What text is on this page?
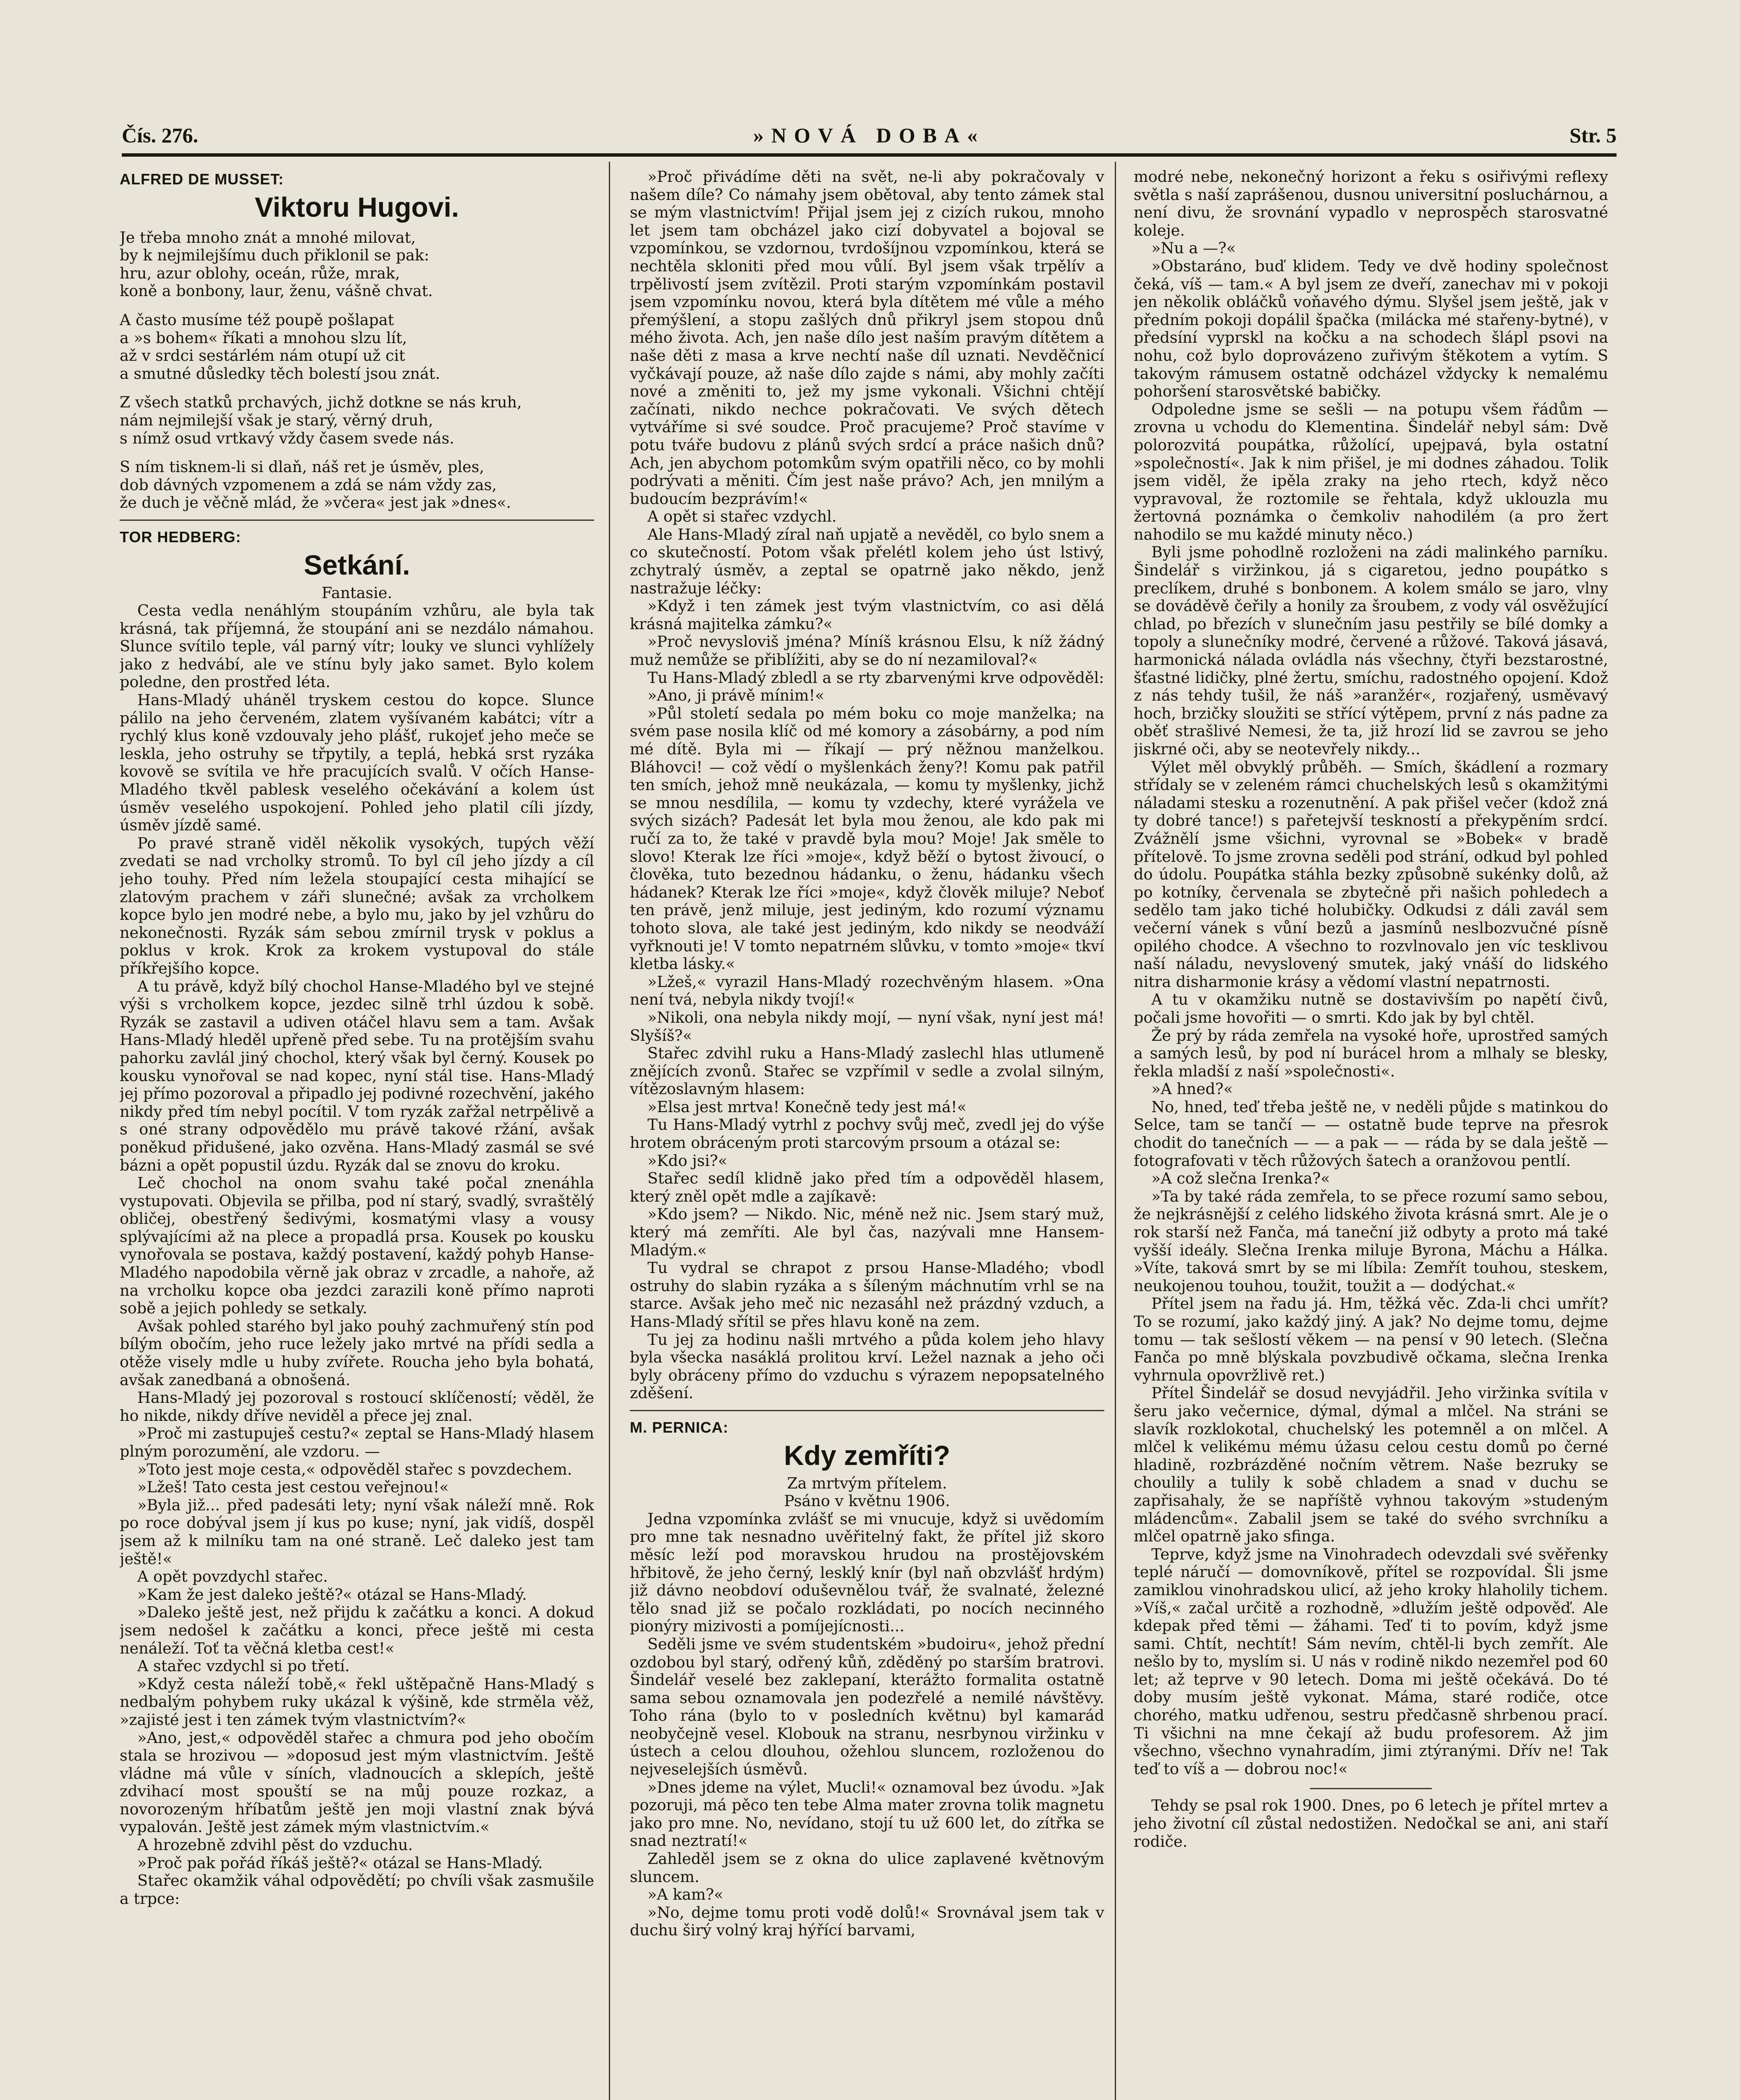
Čís. 276.	»NOVÁ DOBA«	Str. 5
ALFRED DE MUSSET:
Viktoru Hugovi.

Je třeba mnoho znát a mnohé milovat,

by k nejmilejšímu duch přiklonil se pak:

hru, azur oblohy, oceán, růže, mrak,

koně a bonbony, laur, ženu, vášně chvat.

A často musíme též poupě pošlapat

a »s bohem« říkati a mnohou slzu lít,

až v srdci sestárlém nám otupí už cit

a smutné důsledky těch bolestí jsou znát.

Z všech statků prchavých, jichž dotkne se nás kruh,

nám nejmilejší však je starý, věrný druh,

s nímž osud vrtkavý vždy časem svede nás.

S ním tisknem-li si dlaň, náš ret je úsměv, ples,

dob dávných vzpomenem a zdá se nám vždy zas,

že duch je věčně mlád, že »včera« jest jak »dnes«.

TOR HEDBERG:
Setkání.

Fantasie.

Cesta vedla nenáhlým stoupáním vzhůru, ale byla tak krásná, tak příjemná, že stoupání ani se nezdálo námahou. Slunce svítilo teple, vál parný vítr; louky ve slunci vyhlížely jako z hedvábí, ale ve stínu byly jako samet. Bylo kolem poledne, den prostřed léta.

Hans-Mladý uháněl tryskem cestou do kopce. Slunce pálilo na jeho červeném, zlatem vyšívaném kabátci; vítr a rychlý klus koně vzdouvaly jeho plášť, rukojeť jeho meče se leskla, jeho ostruhy se třpytily, a teplá, hebká srst ryzáka kovově se svítila ve hře pracujících svalů. V očích Hanse-Mladého tkvěl pablesk veselého očekávání a kolem úst úsměv veselého uspokojení. Pohled jeho platil cíli jízdy, úsměv jízdě samé.

Po pravé straně viděl několik vysokých, tupých věží zvedati se nad vrcholky stromů. To byl cíl jeho jízdy a cíl jeho touhy. Před ním ležela stoupající cesta mihající se zlatovým prachem v záři slunečné; avšak za vrcholkem kopce bylo jen modré nebe, a bylo mu, jako by jel vzhůru do nekonečnosti. Ryzák sám sebou zmírnil trysk v poklus a poklus v krok. Krok za krokem vystupoval do stále příkřejšího kopce.

A tu právě, když bílý chochol Hanse-Mladého byl ve stejné výši s vrcholkem kopce, jezdec silně trhl úzdou k sobě. Ryzák se zastavil a udiven otáčel hlavu sem a tam. Avšak Hans-Mladý hleděl upřeně před sebe. Tu na protějším svahu pahorku zavlál jiný chochol, který však byl černý. Kousek po kousku vynořoval se nad kopec, nyní stál tise. Hans-Mladý jej přímo pozoroval a připadlo jej podivné rozechvění, jakého nikdy před tím nebyl pocítil. V tom ryzák zařžal netrpělivě a s oné strany odpovědělo mu právě takové ržání, avšak poněkud přidušené, jako ozvěna. Hans-Mladý zasmál se své bázni a opět popustil úzdu. Ryzák dal se znovu do kroku.

Leč chochol na onom svahu také počal znenáhla vystupovati. Objevila se přilba, pod ní starý, svadlý, svraštělý obličej, obestřený šedivými, kosmatými vlasy a vousy splývajícími až na plece a propadlá prsa. Kousek po kousku vynořovala se postava, každý postavení, každý pohyb Hanse-Mladého napodobila věrně jak obraz v zrcadle, a nahoře, až na vrcholku kopce oba jezdci zarazili koně přímo naproti sobě a jejich pohledy se setkaly.

Avšak pohled starého byl jako pouhý zachmuřený stín pod bílým obočím, jeho ruce ležely jako mrtvé na přídi sedla a otěže visely mdle u huby zvířete. Roucha jeho byla bohatá, avšak zanedbaná a obnošená.

Hans-Mladý jej pozoroval s rostoucí sklíčeností; věděl, že ho nikde, nikdy dříve neviděl a přece jej znal.

»Proč mi zastupuješ cestu?« zeptal se Hans-Mladý hlasem plným porozumění, ale vzdoru. —

»Toto jest moje cesta,« odpověděl stařec s povzdechem.

»Lžeš! Tato cesta jest cestou veřejnou!«

»Byla již... před padesáti lety; nyní však náleží mně. Rok po roce dobýval jsem jí kus po kuse; nyní, jak vidíš, dospěl jsem až k milníku tam na oné straně. Leč daleko jest tam ještě!«

A opět povzdychl stařec.

»Kam že jest daleko ještě?« otázal se Hans-Mladý.

»Daleko ještě jest, než přijdu k začátku a konci. A dokud jsem nedošel k začátku a konci, přece ještě mi cesta nenáleží. Toť ta věčná kletba cest!«

A stařec vzdychl si po třetí.

»Když cesta náleží tobě,« řekl uštěpačně Hans-Mladý s nedbalým pohybem ruky ukázal k výšině, kde strměla věž, »zajisté jest i ten zámek tvým vlastnictvím?«

»Ano, jest,« odpověděl stařec a chmura pod jeho obočím stala se hrozivou — »doposud jest mým vlastnictvím. Ještě vládne má vůle v síních, vladnoucích a sklepích, ještě zdvihací most spouští se na můj pouze rozkaz, a novorozeným hříbatům ještě jen moji vlastní znak bývá vypalován. Ještě jest zámek mým vlastnictvím.«

A hrozebně zdvihl pěst do vzduchu.

»Proč pak pořád říkáš ještě?« otázal se Hans-Mladý.

Stařec okamžik váhal odpovědětí; po chvíli však zasmušile a trpce:

»Proč přivádíme děti na svět, ne-li aby pokračovaly v našem díle? Co námahy jsem obětoval, aby tento zámek stal se mým vlastnictvím! Přijal jsem jej z cizích rukou, mnoho let jsem tam obcházel jako cizí dobyvatel a bojoval se vzpomínkou, se vzdornou, tvrdošíjnou vzpomínkou, která se nechtěla skloniti před mou vůlí. Byl jsem však trpělív a trpělivostí jsem zvítězil. Proti starým vzpomínkám postavil jsem vzpomínku novou, která byla dítětem mé vůle a mého přemýšlení, a stopu zašlých dnů přikryl jsem stopou dnů mého života. Ach, jen naše dílo jest naším pravým dítětem a naše děti z masa a krve nechtí naše díl uznati. Nevděčnicí vyčkávají pouze, až naše dílo zajde s námi, aby mohly začíti nové a změniti to, jež my jsme vykonali. Všichni chtějí začínati, nikdo nechce pokračovati. Ve svých dětech vytváříme si své soudce. Proč pracujeme? Proč stavíme v potu tváře budovu z plánů svých srdcí a práce našich dnů? Ach, jen abychom potomkům svým opatřili něco, co by mohli podrývati a měniti. Čím jest naše právo? Ach, jen mnilým a budoucím bezprávím!«

A opět si stařec vzdychl.

Ale Hans-Mladý zíral naň upjatě a nevěděl, co bylo snem a co skutečností. Potom však přelétl kolem jeho úst lstivý, zchytralý úsměv, a zeptal se opatrně jako někdo, jenž nastražuje léčky:

»Když i ten zámek jest tvým vlastnictvím, co asi dělá krásná majitelka zámku?«

»Proč nevysloviš jména? Míníš krásnou Elsu, k níž žádný muž nemůže se přiblížiti, aby se do ní nezamiloval?«

Tu Hans-Mladý zbledl a se rty zbarvenými krve odpověděl:

»Ano, ji právě mínim!«

»Půl století sedala po mém boku co moje manželka; na svém pase nosila klíč od mé komory a zásobárny, a pod ním mé dítě. Byla mi — říkají — prý něžnou manželkou. Bláhovci! — což vědí o myšlenkách ženy?! Komu pak patřil ten smích, jehož mně neukázala, — komu ty myšlenky, jichž se mnou nesdílila, — komu ty vzdechy, které vyrážela ve svých sizách? Padesát let byla mou ženou, ale kdo pak mi ručí za to, že také v pravdě byla mou? Moje! Jak směle to slovo! Kterak lze říci »moje«, když běží o bytost živoucí, o člověka, tuto bezednou hádanku, o ženu, hádanku všech hádanek? Kterak lze říci »moje«, když člověk miluje? Neboť ten právě, jenž miluje, jest jediným, kdo rozumí významu tohoto slova, ale také jest jediným, kdo nikdy se neodváží vyřknouti je! V tomto nepatrném slůvku, v tomto »moje« tkví kletba lásky.«

»Lžeš,« vyrazil Hans-Mladý rozechvěným hlasem. »Ona není tvá, nebyla nikdy tvojí!«

»Nikoli, ona nebyla nikdy mojí, — nyní však, nyní jest má! Slyšíš?«

Stařec zdvihl ruku a Hans-Mladý zaslechl hlas utlumeně znějících zvonů. Stařec se vzpřímil v sedle a zvolal silným, vítězoslavným hlasem:

»Elsa jest mrtva! Konečně tedy jest má!«

Tu Hans-Mladý vytrhl z pochvy svůj meč, zvedl jej do výše hrotem obráceným proti starcovým prsoum a otázal se:

»Kdo jsi?«

Stařec sedíl klidně jako před tím a odpověděl hlasem, který zněl opět mdle a zajíkavě:

»Kdo jsem? — Nikdo. Nic, méně než nic. Jsem starý muž, který má zemříti. Ale byl čas, nazývali mne Hansem-Mladým.«

Tu vydral se chrapot z prsou Hanse-Mladého; vbodl ostruhy do slabin ryzáka a s šíleným máchnutím vrhl se na starce. Avšak jeho meč nic nezasáhl než prázdný vzduch, a Hans-Mladý sřítil se přes hlavu koně na zem.

Tu jej za hodinu našli mrtvého a půda kolem jeho hlavy byla všecka nasáklá prolitou krví. Ležel naznak a jeho oči byly obráceny přímo do vzduchu s výrazem nepopsatelného zděšení.

M. PERNICA:
Kdy zemříti?

Za mrtvým přítelem.

Psáno v květnu 1906.

Jedna vzpomínka zvlášť se mi vnucuje, když si uvědomím pro mne tak nesnadno uvěřitelný fakt, že přítel již skoro měsíc leží pod moravskou hrudou na prostějovském hřbitově, že jeho černý, lesklý knír (byl naň obzvlášť hrdým) již dávno neobdoví oduševnělou tvář, že svalnaté, železné tělo snad již se počalo rozkládati, po nocích necinného pionýry mizivosti a pomíjejícnosti...

Seděli jsme ve svém studentském »budoiru«, jehož přední ozdobou byl starý, odřený kůň, zděděný po starším bratrovi. Šindelář veselé bez zaklepaní, kterážto formalita ostatně sama sebou oznamovala jen podezřelé a nemilé návštěvy. Toho rána (bylo to v posledních květnu) byl kamarád neobyčejně vesel. Klobouk na stranu, nesrbynou viržinku v ústech a celou dlouhou, ožehlou sluncem, rozloženou do nejveselejších úsměvů.

»Dnes jdeme na výlet, Mucli!« oznamoval bez úvodu. »Jak pozoruji, má pěco ten tebe Alma mater zrovna tolik magnetu jako pro mne. No, nevídano, stojí tu už 600 let, do zítřka se snad neztratí!«

Zahleděl jsem se z okna do ulice zaplavené květnovým sluncem.

»A kam?«

»No, dejme tomu proti vodě dolů!« Srovnával jsem tak v duchu širý volný kraj hýřící barvami,

modré nebe, nekonečný horizont a řeku s osiřivými reflexy světla s naší zaprášenou, dusnou universitní posluchárnou, a není divu, že srovnání vypadlo v neprospěch starosvatné koleje.

»Nu a —?«

»Obstaráno, buď klidem. Tedy ve dvě hodiny společnost čeká, víš — tam.« A byl jsem ze dveří, zanechav mi v pokoji jen několik obláčků voňavého dýmu. Slyšel jsem ještě, jak v předním pokoji dopálil špačka (milácka mé stařeny-bytné), v předsíní vyprskl na kočku a na schodech šlápl psovi na nohu, což bylo doprovázeno zuřivým štěkotem a vytím. S takovým rámusem ostatně odcházel vždycky k nemalému pohoršení starosvětské babičky.

Odpoledne jsme se sešli — na potupu všem řádům — zrovna u vchodu do Klementina. Šindelář nebyl sám: Dvě polorozvitá poupátka, růžolící, upejpavá, byla ostatní »společností«. Jak k nim přišel, je mi dodnes záhadou. Tolik jsem viděl, že ipěla zraky na jeho rtech, když něco vypravoval, že roztomile se řehtala, když uklouzla mu žertovná poznámka o čemkoliv nahodilém (a pro žert nahodilo se mu každé minuty něco.)

Byli jsme pohodlně rozloženi na zádi malinkého parníku. Šindelář s viržinkou, já s cigaretou, jedno poupátko s preclíkem, druhé s bonbonem. A kolem smálo se jaro, vlny se dováděvě čeřily a honily za šroubem, z vody vál osvěžující chlad, po březích v slunečním jasu pestřily se bílé domky a topoly a slunečníky modré, červené a růžové. Taková jásavá, harmonická nálada ovládla nás všechny, čtyři bezstarostné, šťastné lidičky, plné žertu, smíchu, radostného opojení. Kdož z nás tehdy tušil, že náš »aranžér«, rozjařený, usměvavý hoch, brzičky sloužiti se střící výtěpem, první z nás padne za oběť strašlivé Nemesi, že ta, již hrozí lid se zavrou se jeho jiskrné oči, aby se neotevřely nikdy...

Výlet měl obvyklý průběh. — Smích, škádlení a rozmary střídaly se v zeleném rámci chuchelských lesů s okamžitými náladami stesku a rozenutnění. A pak přišel večer (kdož zná ty dobré tance!) s pařetejvší teskností a překypěním srdcí. Zvážnělí jsme všichni, vyrovnal se »Bobek« v bradě přítelově. To jsme zrovna seděli pod strání, odkud byl pohled do údolu. Poupátka stáhla bezky způsobně sukénky dolů, až po kotníky, červenala se zbytečně při našich pohledech a sedělo tam jako tiché holubičky. Odkudsi z dáli zavál sem večerní vánek s vůní bezů a jasmínů neslbozvučné písně opilého chodce. A všechno to rozvlnovalo jen víc tesklivou naší náladu, nevyslovený smutek, jaký vnáší do lidského nitra disharmonie krásy a vědomí vlastní nepatrnosti.

A tu v okamžiku nutně se dostavivším po napětí čivů, počali jsme hovořiti — o smrti. Kdo jak by byl chtěl.

Že prý by ráda zemřela na vysoké hoře, uprostřed samých a samých lesů, by pod ní burácel hrom a mlhaly se blesky, řekla mladší z naší »společnosti«.

»A hned?«

No, hned, teď třeba ještě ne, v neděli půjde s matinkou do Selce, tam se tančí — — ostatně bude teprve na přesrok chodit do tanečních — — a pak — — ráda by se dala ještě — fotografovati v těch růžových šatech a oranžovou pentlí.

»A což slečna Irenka?«

»Ta by také ráda zemřela, to se přece rozumí samo sebou, že nejkrásnější z celého lidského života krásná smrt. Ale je o rok starší než Fanča, má taneční již odbyty a proto má také vyšší ideály. Slečna Irenka miluje Byrona, Máchu a Hálka. »Víte, taková smrt by se mi líbila: Zemřít touhou, steskem, neukojenou touhou, toužit, toužit a — dodýchat.«

Přítel jsem na řadu já. Hm, těžká věc. Zda-li chci umřít? To se rozumí, jako každý jiný. A jak? No dejme tomu, dejme tomu — tak sešlostí věkem — na pensí v 90 letech. (Slečna Fanča po mně blýskala povzbudivě očkama, slečna Irenka vyhrnula opovržlivě ret.)

Přítel Šindelář se dosud nevyjádřil. Jeho viržinka svítila v šeru jako večernice, dýmal, dýmal a mlčel. Na stráni se slavík rozklokotal, chuchelský les potemněl a on mlčel. A mlčel k velikému mému úžasu celou cestu domů po černé hladině, rozbrázděné nočním větrem. Naše bezruky se choulily a tulily k sobě chladem a snad v duchu se zapřisahaly, že se napříště vyhnou takovým »studeným mládencům«. Zabalil jsem se také do svého svrchníku a mlčel opatrně jako sfinga.

Teprve, když jsme na Vinohradech odevzdali své svěřenky teplé náručí — domovníkově, přítel se rozpovídal. Šli jsme zamiklou vinohradskou ulicí, až jeho kroky hlaholily tichem. »Víš,« začal určitě a rozhodně, »dlužím ještě odpověď. Ale kdepak před těmi — žáhami. Teď ti to povím, když jsme sami. Chtít, nechtít! Sám nevím, chtěl-li bych zemřít. Ale nešlo by to, myslím si. U nás v rodině nikdo nezemřel pod 60 let; až teprve v 90 letech. Doma mi ještě očekává. Do té doby musím ještě vykonat. Máma, staré rodiče, otce chorého, matku udřenou, sestru předčasně shrbenou prací. Ti všichni na mne čekají až budu profesorem. Až jim všechno, všechno vynahradím, jimi ztýranými. Dřív ne! Tak teď to víš a — dobrou noc!«

Tehdy se psal rok 1900. Dnes, po 6 letech je přítel mrtev a jeho životní cíl zůstal nedostižen. Nedočkal se ani, ani staří rodiče.
